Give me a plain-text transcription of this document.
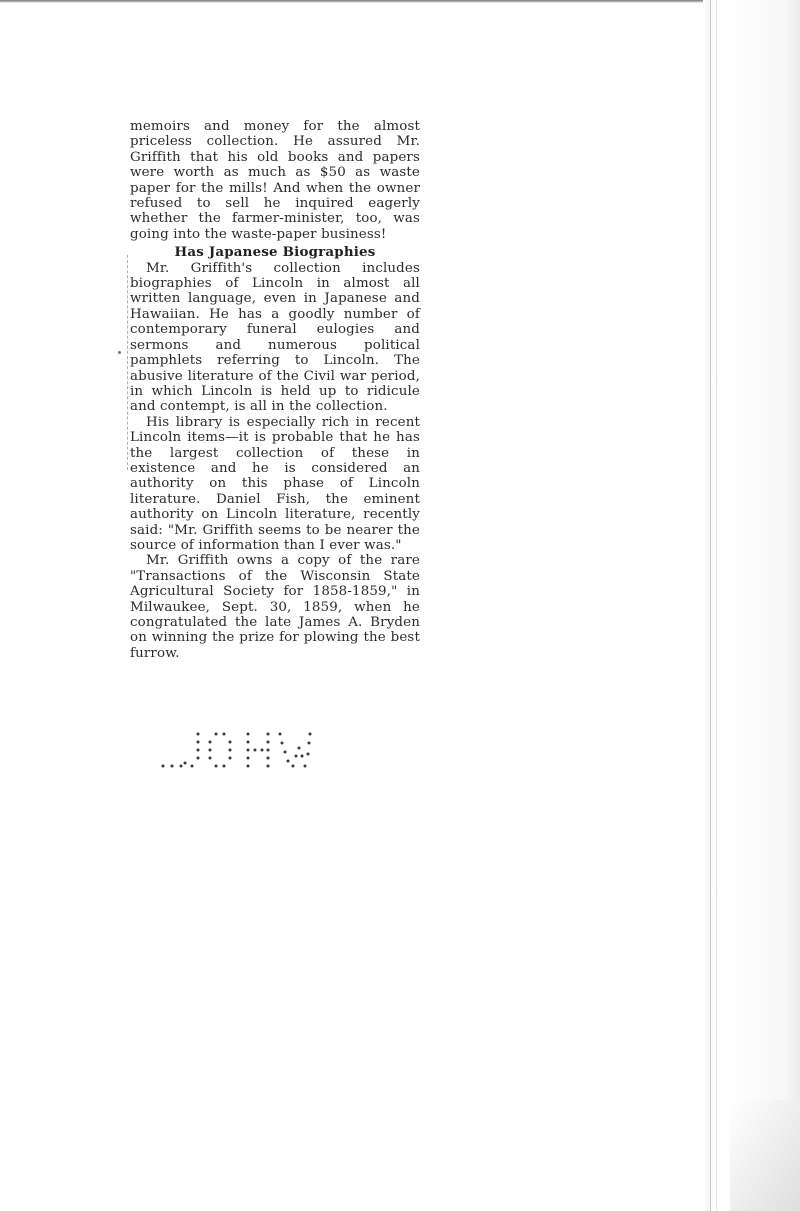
memoirs and money for the almost priceless collection. He assured Mr. Griffith that his old books and papers were worth as much as $50 as waste paper for the mills! And when the owner refused to sell he inquired eagerly whether the farmer-minister, too, was going into the waste-paper business!

Has Japanese Biographies

Mr. Griffith's collection includes biographies of Lincoln in almost all written language, even in Japanese and Hawaiian. He has a goodly number of contemporary funeral eulogies and sermons and numerous political pamphlets referring to Lincoln. The abusive literature of the Civil war period, in which Lincoln is held up to ridicule and contempt, is all in the collection.

His library is especially rich in recent Lincoln items—it is probable that he has the largest collection of these in existence and he is considered an authority on this phase of Lincoln literature. Daniel Fish, the eminent authority on Lincoln literature, recently said: "Mr. Griffith seems to be nearer the source of information than I ever was."

Mr. Griffith owns a copy of the rare "Transactions of the Wisconsin State Agricultural Society for 1858-1859," in Milwaukee, Sept. 30, 1859, when he congratulated the late James A. Bryden on winning the prize for plowing the best furrow.
